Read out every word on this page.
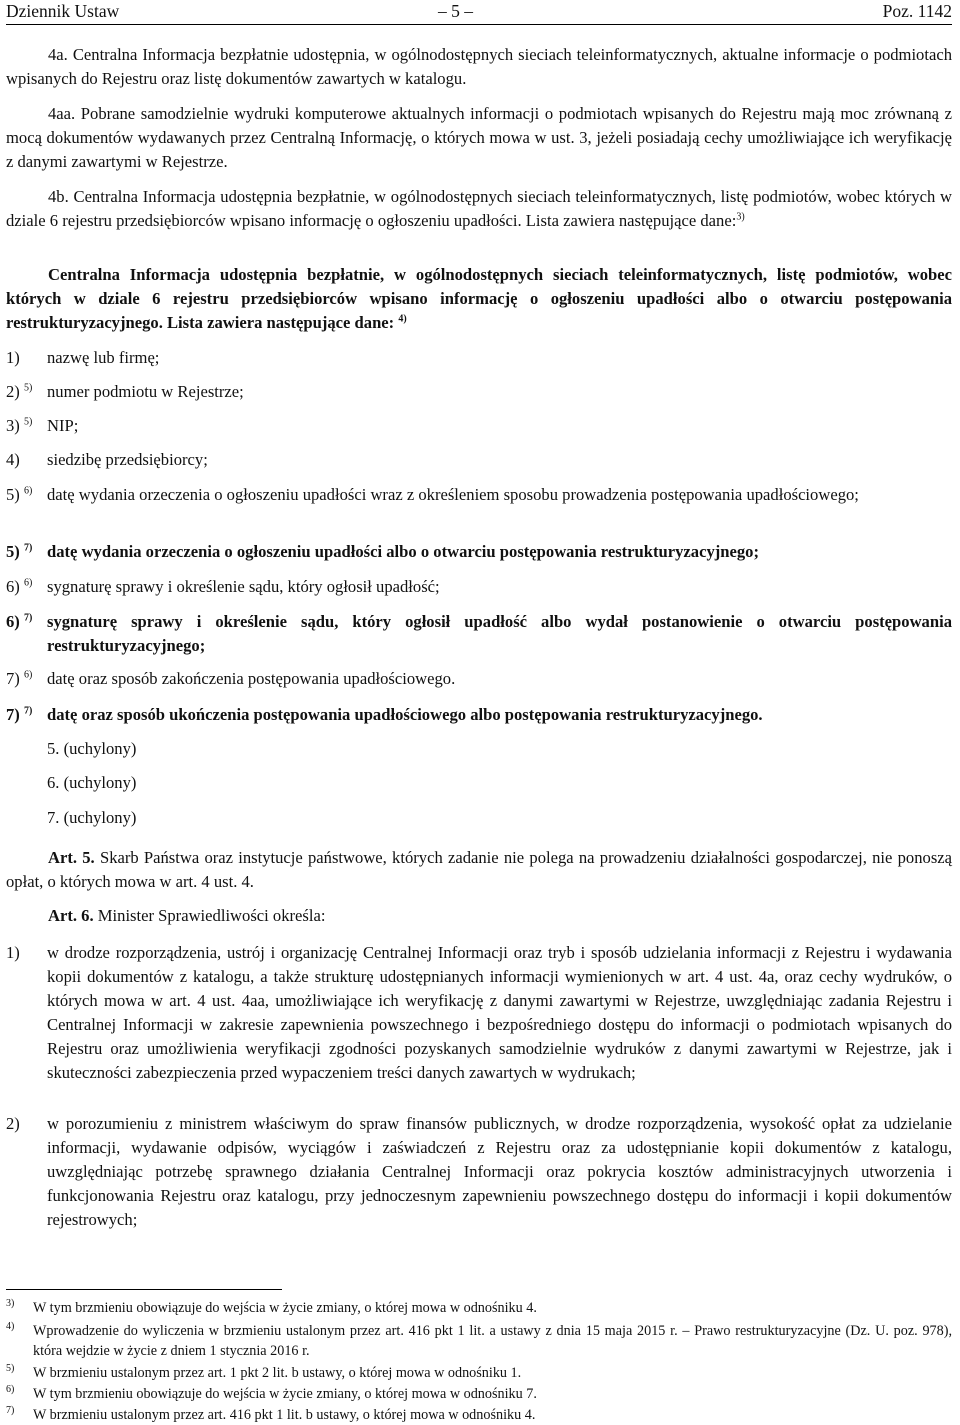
Dziennik Ustaw	– 5 –	Poz. 1142

4a. Centralna Informacja bezpłatnie udostępnia, w ogólnodostępnych sieciach teleinformatycznych, aktualne informacje o podmiotach wpisanych do Rejestru oraz listę dokumentów zawartych w katalogu.

4aa. Pobrane samodzielnie wydruki komputerowe aktualnych informacji o podmiotach wpisanych do Rejestru mają moc zrównaną z mocą dokumentów wydawanych przez Centralną Informację, o których mowa w ust. 3, jeżeli posiadają cechy umożliwiające ich weryfikację z danymi zawartymi w Rejestrze.

4b. Centralna Informacja udostępnia bezpłatnie, w ogólnodostępnych sieciach teleinformatycznych, listę podmiotów, wobec których w dziale 6 rejestru przedsiębiorców wpisano informację o ogłoszeniu upadłości. Lista zawiera następujące dane:$^{3)}$

Centralna Informacja udostępnia bezpłatnie, w ogólnodostępnych sieciach teleinformatycznych, listę podmiotów, wobec których w dziale 6 rejestru przedsiębiorców wpisano informację o ogłoszeniu upadłości albo o otwarciu postępowania restrukturyzacyjnego. Lista zawiera następujące dane: $^{4)}$

1) nazwę lub firmę;
2) $^{5)}$ numer podmiotu w Rejestrze;
3) $^{5)}$ NIP;
4) siedzibę przedsiębiorcy;
5) $^{6)}$ datę wydania orzeczenia o ogłoszeniu upadłości wraz z określeniem sposobu prowadzenia postępowania upadłościowego;
5) $^{7)}$ datę wydania orzeczenia o ogłoszeniu upadłości albo o otwarciu postępowania restrukturyzacyjnego;
6) $^{6)}$ sygnaturę sprawy i określenie sądu, który ogłosił upadłość;
6) $^{7)}$ sygnaturę sprawy i określenie sądu, który ogłosił upadłość albo wydał postanowienie o otwarciu postępowania restrukturyzacyjnego;
7) $^{6)}$ datę oraz sposób zakończenia postępowania upadłościowego.
7) $^{7)}$ datę oraz sposób ukończenia postępowania upadłościowego albo postępowania restrukturyzacyjnego.
5. (uchylony)
6. (uchylony)
7. (uchylony)

Art. 5. Skarb Państwa oraz instytucje państwowe, których zadanie nie polega na prowadzeniu działalności gospodarczej, nie ponoszą opłat, o których mowa w art. 4 ust. 4.

Art. 6. Minister Sprawiedliwości określa:

1) w drodze rozporządzenia, ustrój i organizację Centralnej Informacji oraz tryb i sposób udzielania informacji z Rejestru i wydawania kopii dokumentów z katalogu, a także strukturę udostępnianych informacji wymienionych w art. 4 ust. 4a, oraz cechy wydruków, o których mowa w art. 4 ust. 4aa, umożliwiające ich weryfikację z danymi zawartymi w Rejestrze, uwzględniając zadania Rejestru i Centralnej Informacji w zakresie zapewnienia powszechnego i bezpośredniego dostępu do informacji o podmiotach wpisanych do Rejestru oraz umożliwienia weryfikacji zgodności pozyskanych samodzielnie wydruków z danymi zawartymi w Rejestrze, jak i skuteczności zabezpieczenia przed wypaczeniem treści danych zawartych w wydrukach;
2) w porozumieniu z ministrem właściwym do spraw finansów publicznych, w drodze rozporządzenia, wysokość opłat za udzielanie informacji, wydawanie odpisów, wyciągów i zaświadczeń z Rejestru oraz za udostępnianie kopii dokumentów z katalogu, uwzględniając potrzebę sprawnego działania Centralnej Informacji oraz pokrycia kosztów administracyjnych utworzenia i funkcjonowania Rejestru oraz katalogu, przy jednoczesnym zapewnieniu powszechnego dostępu do informacji i kopii dokumentów rejestrowych;
3) W tym brzmieniu obowiązuje do wejścia w życie zmiany, o której mowa w odnośniku 4.
4) Wprowadzenie do wyliczenia w brzmieniu ustalonym przez art. 416 pkt 1 lit. a ustawy z dnia 15 maja 2015 r. – Prawo restrukturyzacyjne (Dz. U. poz. 978), która wejdzie w życie z dniem 1 stycznia 2016 r.
5) W brzmieniu ustalonym przez art. 1 pkt 2 lit. b ustawy, o której mowa w odnośniku 1.
6) W tym brzmieniu obowiązuje do wejścia w życie zmiany, o której mowa w odnośniku 7.
7) W brzmieniu ustalonym przez art. 416 pkt 1 lit. b ustawy, o której mowa w odnośniku 4.
